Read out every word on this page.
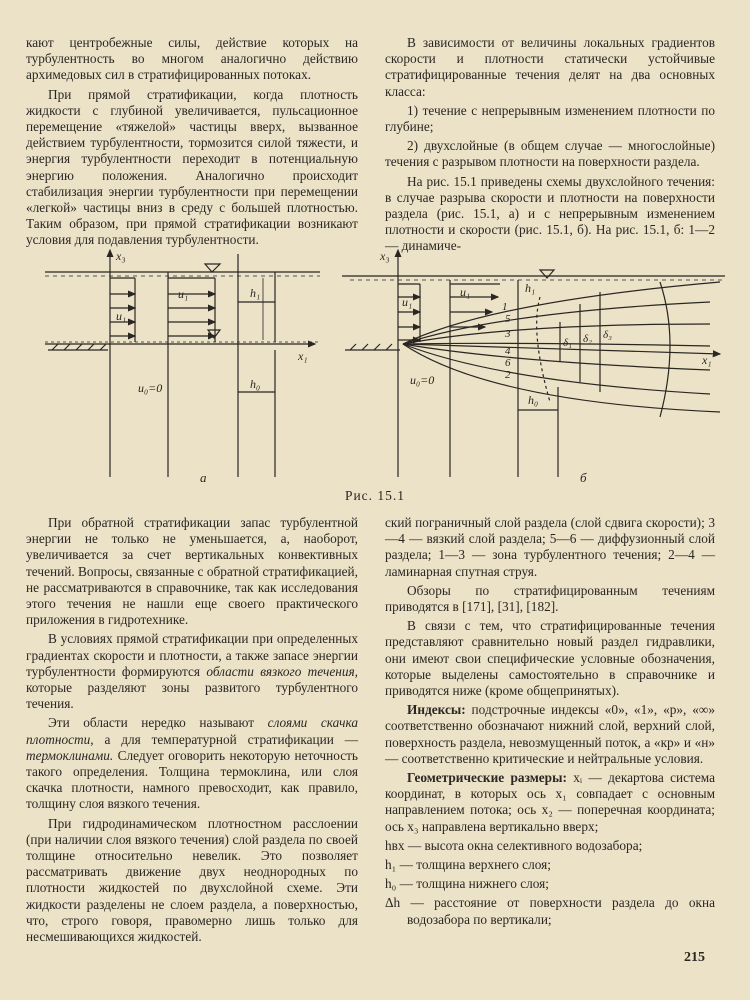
кают центробежные силы, действие которых на турбулентность во многом аналогично действию архимедовых сил в стратифицированных потоках.

При прямой стратификации, когда плотность жидкости с глубиной увеличивается, пульсационное перемещение «тяжелой» частицы вверх, вызванное действием турбулентности, тормозится силой тяжести, и энергия турбулентности переходит в потенциальную энергию положения. Аналогично происходит стабилизация энергии турбулентности при перемещении «легкой» частицы вниз в среду с большей плотностью. Таким образом, при прямой стратификации возникают условия для подавления турбулентности.

В зависимости от величины локальных градиентов скорости и плотности статически устойчивые стратифицированные течения делят на два основных класса:

1) течение с непрерывным изменением плотности по глубине;

2) двухслойные (в общем случае — многослойные) течения с разрывом плотности на поверхности раздела.

На рис. 15.1 приведены схемы двухслойного течения: в случае разрыва скорости и плотности на поверхности раздела (рис. 15.1, а) и с непрерывным изменением плотности и скорости (рис. 15.1, б). На рис. 15.1, б: 1—2 — динамиче-

x₃
x₁
u₁
u₁	h₁
h₀
u₀=0
а
x₃
x₁
u₁
u₁	h₁
h₀
u₀=0
1
5
3
4
6
2
δ₁ δ₂ δ₃
б
Рис. 15.1

При обратной стратификации запас турбулентной энергии не только не уменьшается, а, наоборот, увеличивается за счет вертикальных конвективных течений. Вопросы, связанные с обратной стратификацией, не рассматриваются в справочнике, так как исследования этого течения не нашли еще своего практического приложения в гидротехнике.

В условиях прямой стратификации при определенных градиентах скорости и плотности, а также запасе энергии турбулентности формируются области вязкого течения, которые разделяют зоны развитого турбулентного течения.

Эти области нередко называют слоями скачка плотности, а для температурной стратификации — термоклинами. Следует оговорить некоторую неточность такого определения. Толщина термоклина, или слоя скачка плотности, намного превосходит, как правило, толщину слоя вязкого течения.

При гидродинамическом плотностном расслоении (при наличии слоя вязкого течения) слой раздела по своей толщине относительно невелик. Это позволяет рассматривать движение двух неоднородных по плотности жидкостей по двухслойной схеме. Эти жидкости разделены не слоем раздела, а поверхностью, что, строго говоря, правомерно лишь только для несмешивающихся жидкостей.

ский пограничный слой раздела (слой сдвига скорости); 3—4 — вязкий слой раздела; 5—6 — диффузионный слой раздела; 1—3 — зона турбулентного течения; 2—4 — ламинарная спутная струя.

Обзоры по стратифицированным течениям приводятся в [171], [31], [182].

В связи с тем, что стратифицированные течения представляют сравнительно новый раздел гидравлики, они имеют свои специфические условные обозначения, которые выделены самостоятельно в справочнике и приводятся ниже (кроме общепринятых).

Индексы: подстрочные индексы «0», «1», «р», «∞» соответственно обозначают нижний слой, верхний слой, поверхность раздела, невозмущенный поток, а «кр» и «н» — соответственно критические и нейтральные условия.

Геометрические размеры: xᵢ — декартова система координат, в которых ось x₁ совпадает с основным направлением потока; ось x₂ — поперечная координата; ось x₃ направлена вертикально вверх;

hвх — высота окна селективного водозабора;

h₁ — толщина верхнего слоя;

h₀ — толщина нижнего слоя;

Δh — расстояние от поверхности раздела до окна водозабора по вертикали;

215
